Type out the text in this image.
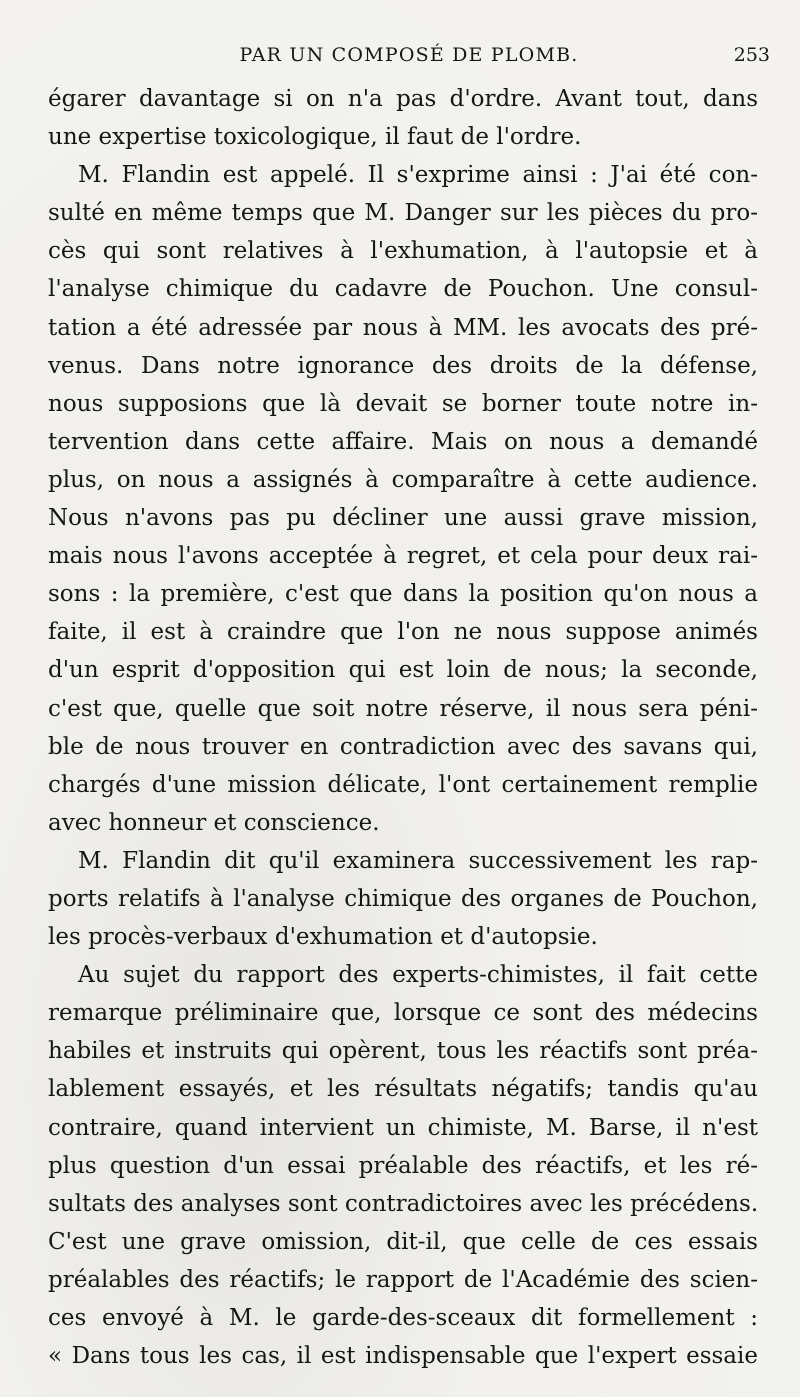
PAR UN COMPOSÉ DE PLOMB.	253
égarer davantage si on n'a pas d'ordre. Avant tout, dans
une expertise toxicologique, il faut de l'ordre.
M. Flandin est appelé. Il s'exprime ainsi : J'ai été con-
sulté en même temps que M. Danger sur les pièces du pro-
cès qui sont relatives à l'exhumation, à l'autopsie et à
l'analyse chimique du cadavre de Pouchon. Une consul-
tation a été adressée par nous à MM. les avocats des pré-
venus. Dans notre ignorance des droits de la défense,
nous supposions que là devait se borner toute notre in-
tervention dans cette affaire. Mais on nous a demandé
plus, on nous a assignés à comparaître à cette audience.
Nous n'avons pas pu décliner une aussi grave mission,
mais nous l'avons acceptée à regret, et cela pour deux rai-
sons : la première, c'est que dans la position qu'on nous a
faite, il est à craindre que l'on ne nous suppose animés
d'un esprit d'opposition qui est loin de nous; la seconde,
c'est que, quelle que soit notre réserve, il nous sera péni-
ble de nous trouver en contradiction avec des savans qui,
chargés d'une mission délicate, l'ont certainement remplie
avec honneur et conscience.
M. Flandin dit qu'il examinera successivement les rap-
ports relatifs à l'analyse chimique des organes de Pouchon,
les procès-verbaux d'exhumation et d'autopsie.
Au sujet du rapport des experts-chimistes, il fait cette
remarque préliminaire que, lorsque ce sont des médecins
habiles et instruits qui opèrent, tous les réactifs sont préa-
lablement essayés, et les résultats négatifs; tandis qu'au
contraire, quand intervient un chimiste, M. Barse, il n'est
plus question d'un essai préalable des réactifs, et les ré-
sultats des analyses sont contradictoires avec les précédens.
C'est une grave omission, dit-il, que celle de ces essais
préalables des réactifs; le rapport de l'Académie des scien-
ces envoyé à M. le garde-des-sceaux dit formellement :
« Dans tous les cas, il est indispensable que l'expert essaie
